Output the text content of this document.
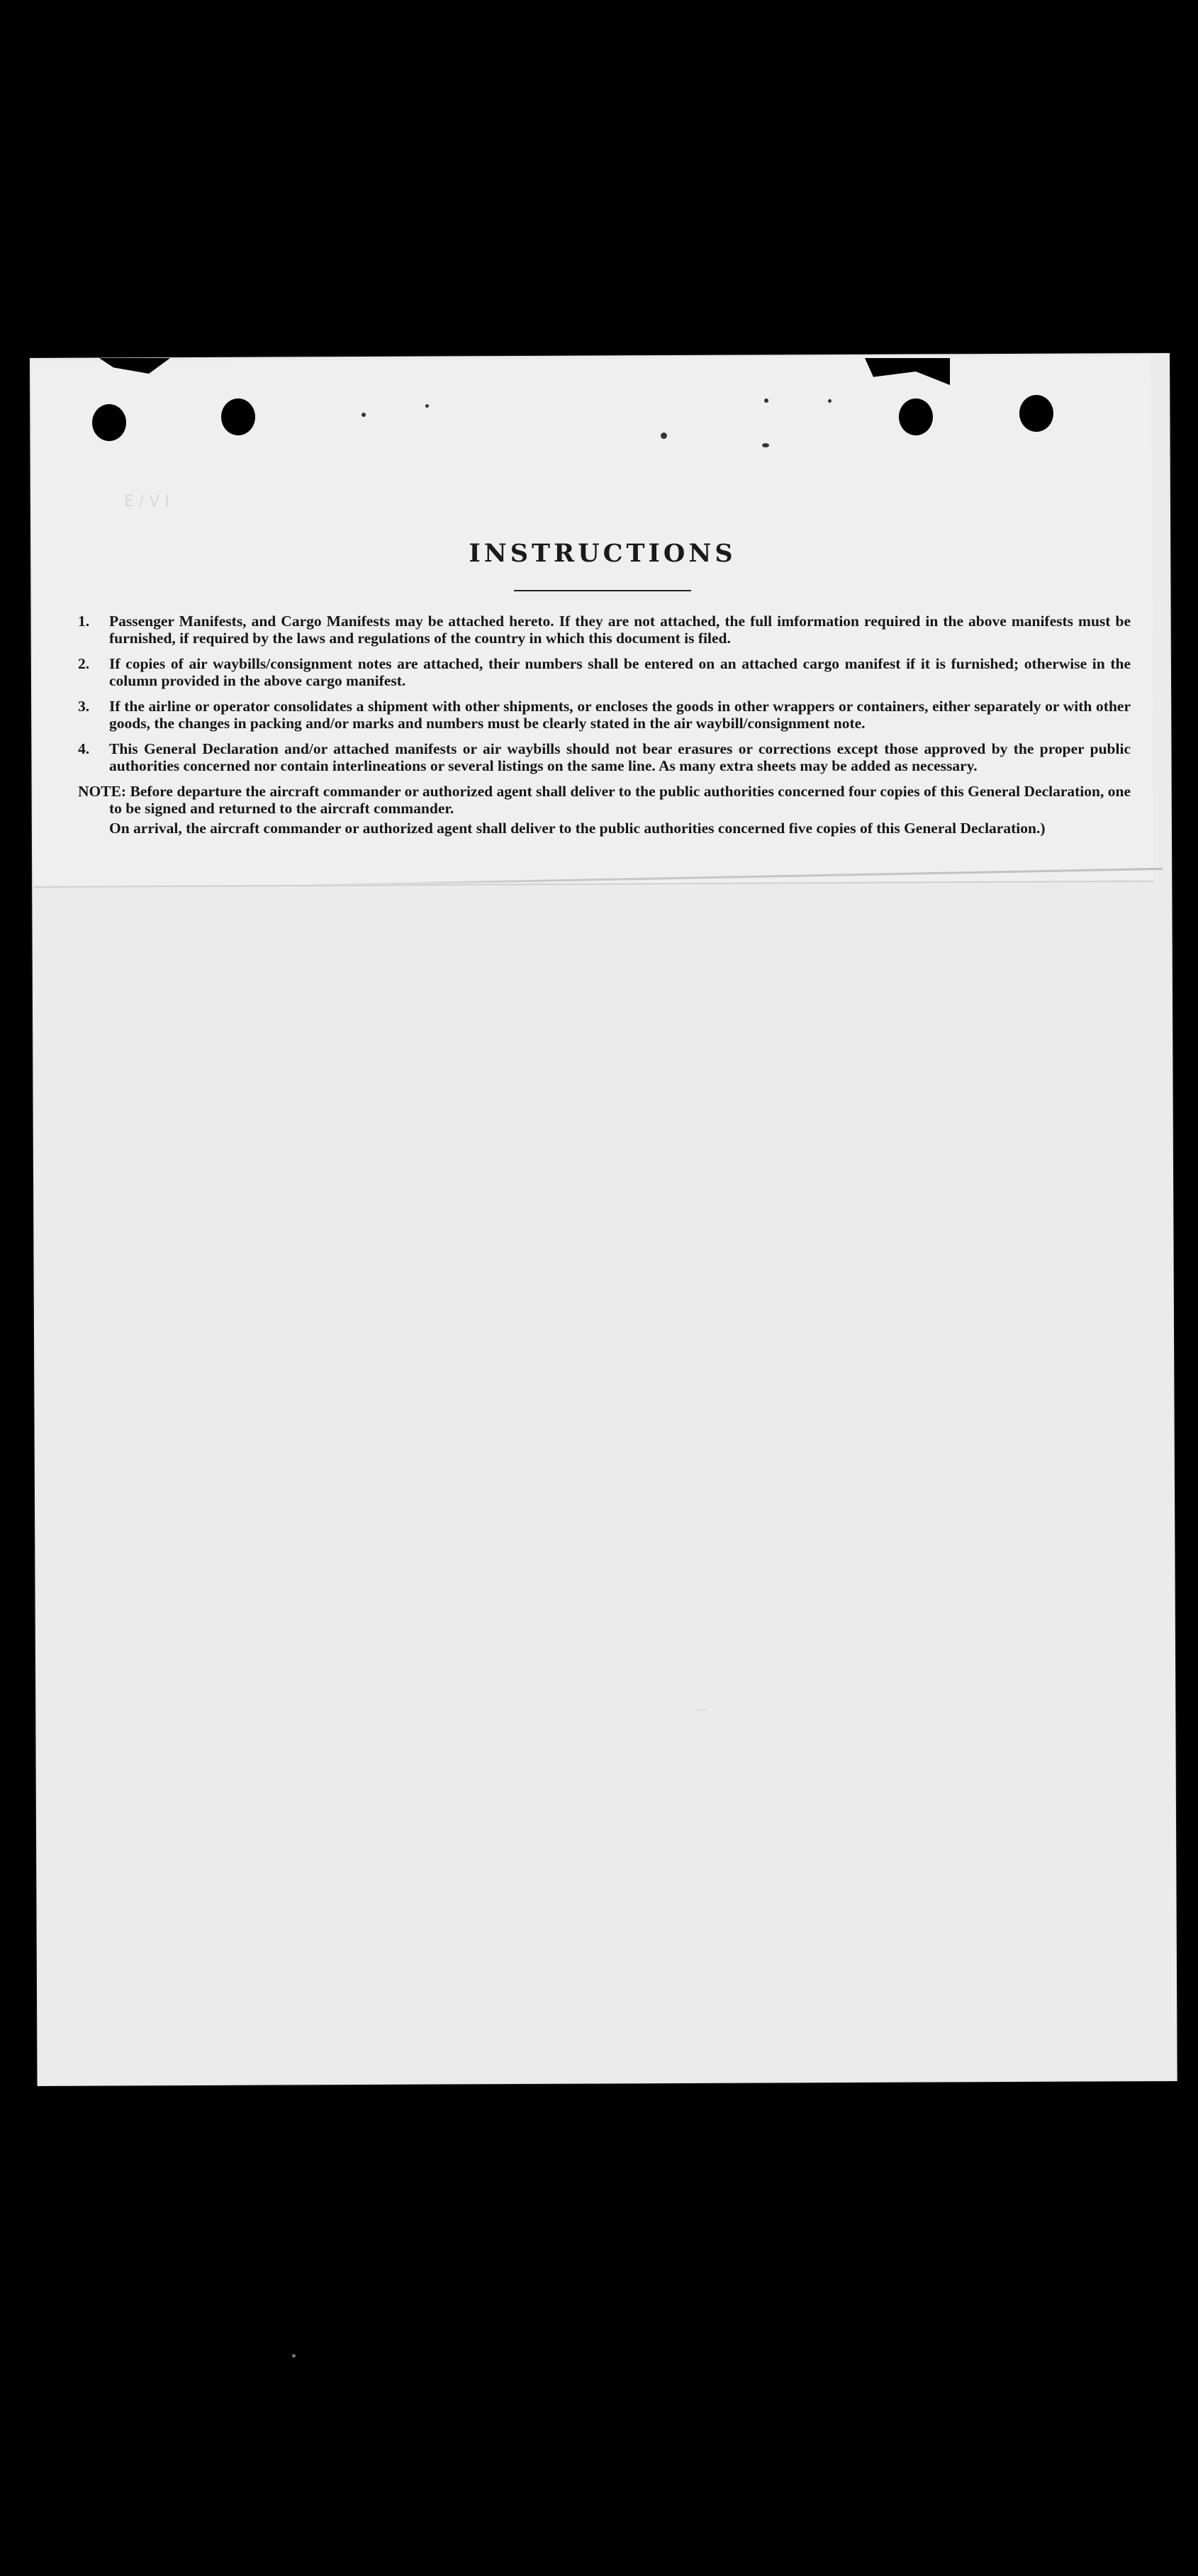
E / V I
~
INSTRUCTIONS
1.	Passenger Manifests, and Cargo Manifests may be attached hereto. If they are not attached, the full imformation required in the above manifests must be furnished, if required by the laws and regulations of the country in which this document is filed.
2.	If copies of air waybills/consignment notes are attached, their numbers shall be entered on an attached cargo manifest if it is furnished; otherwise in the column provided in the above cargo manifest.
3.	If the airline or operator consolidates a shipment with other shipments, or encloses the goods in other wrappers or containers, either separately or with other goods, the changes in packing and/or marks and numbers must be clearly stated in the air waybill/consignment note.
4.	This General Declaration and/or attached manifests or air waybills should not bear erasures or corrections except those approved by the proper public authorities concerned nor contain interlineations or several listings on the same line. As many extra sheets may be added as necessary.

NOTE: Before departure the aircraft commander or authorized agent shall deliver to the public authorities concerned four copies of this General Declaration, one to be signed and returned to the aircraft commander.

On arrival, the aircraft commander or authorized agent shall deliver to the public authorities concerned five copies of this General Declaration.)
